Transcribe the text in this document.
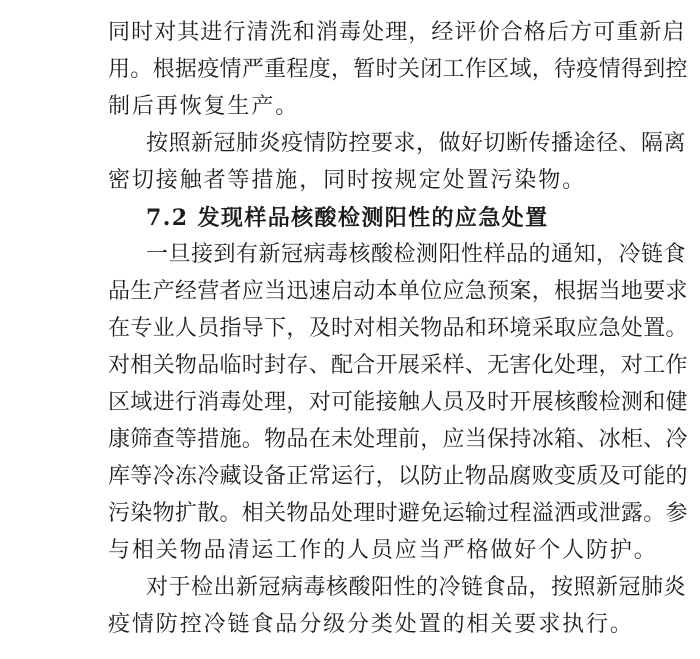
同时对其进行清洗和消毒处理，经评价合格后方可重新启
用。根据疫情严重程度，暂时关闭工作区域，待疫情得到控
制后再恢复生产。
按照新冠肺炎疫情防控要求，做好切断传播途径、隔离
密切接触者等措施，同时按规定处置污染物。
7.2 发现样品核酸检测阳性的应急处置
一旦接到有新冠病毒核酸检测阳性样品的通知，冷链食
品生产经营者应当迅速启动本单位应急预案，根据当地要求
在专业人员指导下，及时对相关物品和环境采取应急处置。
对相关物品临时封存、配合开展采样、无害化处理，对工作
区域进行消毒处理，对可能接触人员及时开展核酸检测和健
康筛查等措施。物品在未处理前，应当保持冰箱、冰柜、冷
库等冷冻冷藏设备正常运行，以防止物品腐败变质及可能的
污染物扩散。相关物品处理时避免运输过程溢洒或泄露。参
与相关物品清运工作的人员应当严格做好个人防护。
对于检出新冠病毒核酸阳性的冷链食品，按照新冠肺炎
疫情防控冷链食品分级分类处置的相关要求执行。
